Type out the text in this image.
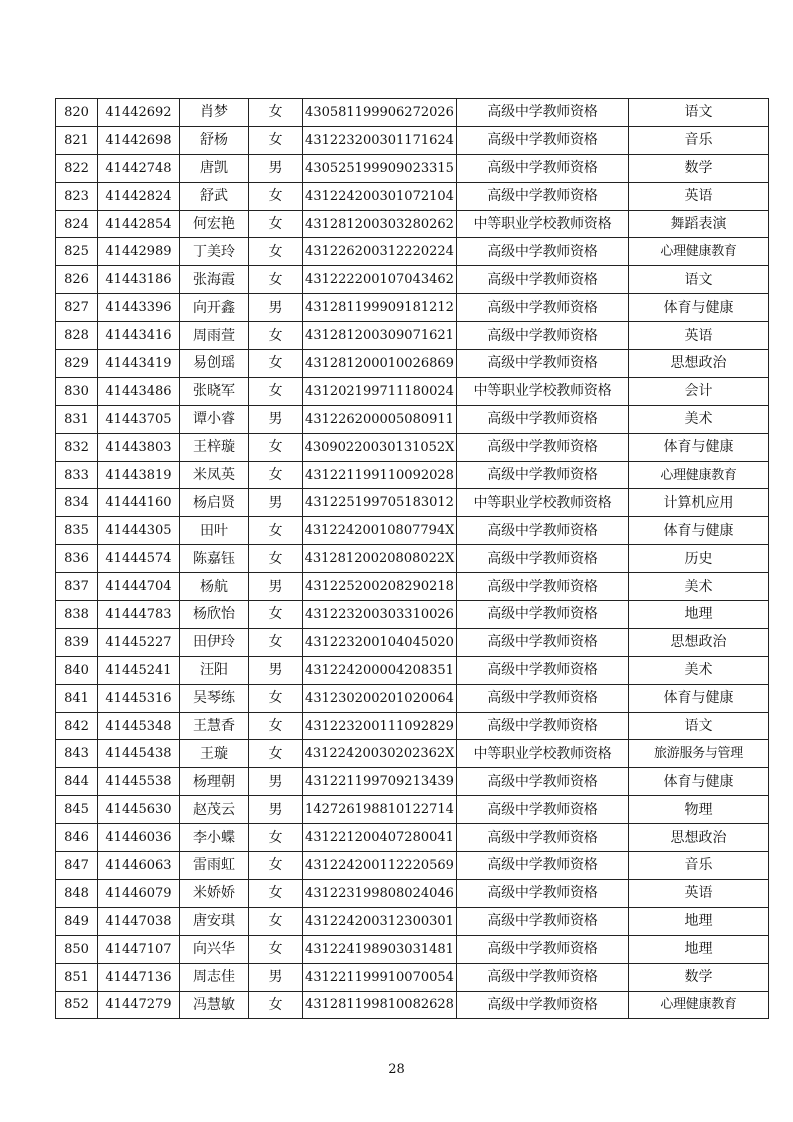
820	41442692	肖梦	女	430581199906272026	高级中学教师资格	语文
821	41442698	舒杨	女	431223200301171624	高级中学教师资格	音乐
822	41442748	唐凯	男	430525199909023315	高级中学教师资格	数学
823	41442824	舒武	女	431224200301072104	高级中学教师资格	英语
824	41442854	何宏艳	女	431281200303280262	中等职业学校教师资格	舞蹈表演
825	41442989	丁美玲	女	431226200312220224	高级中学教师资格	心理健康教育
826	41443186	张海霞	女	431222200107043462	高级中学教师资格	语文
827	41443396	向开鑫	男	431281199909181212	高级中学教师资格	体育与健康
828	41443416	周雨萱	女	431281200309071621	高级中学教师资格	英语
829	41443419	易创瑶	女	431281200010026869	高级中学教师资格	思想政治
830	41443486	张晓军	女	431202199711180024	中等职业学校教师资格	会计
831	41443705	谭小睿	男	431226200005080911	高级中学教师资格	美术
832	41443803	王梓璇	女	43090220030131052X	高级中学教师资格	体育与健康
833	41443819	米凤英	女	431221199110092028	高级中学教师资格	心理健康教育
834	41444160	杨启贤	男	431225199705183012	中等职业学校教师资格	计算机应用
835	41444305	田叶	女	43122420010807794X	高级中学教师资格	体育与健康
836	41444574	陈嘉钰	女	43128120020808022X	高级中学教师资格	历史
837	41444704	杨航	男	431225200208290218	高级中学教师资格	美术
838	41444783	杨欣怡	女	431223200303310026	高级中学教师资格	地理
839	41445227	田伊玲	女	431223200104045020	高级中学教师资格	思想政治
840	41445241	汪阳	男	431224200004208351	高级中学教师资格	美术
841	41445316	吴琴练	女	431230200201020064	高级中学教师资格	体育与健康
842	41445348	王慧香	女	431223200111092829	高级中学教师资格	语文
843	41445438	王璇	女	43122420030202362X	中等职业学校教师资格	旅游服务与管理
844	41445538	杨理朝	男	431221199709213439	高级中学教师资格	体育与健康
845	41445630	赵茂云	男	142726198810122714	高级中学教师资格	物理
846	41446036	李小蝶	女	431221200407280041	高级中学教师资格	思想政治
847	41446063	雷雨虹	女	431224200112220569	高级中学教师资格	音乐
848	41446079	米娇娇	女	431223199808024046	高级中学教师资格	英语
849	41447038	唐安琪	女	431224200312300301	高级中学教师资格	地理
850	41447107	向兴华	女	431224198903031481	高级中学教师资格	地理
851	41447136	周志佳	男	431221199910070054	高级中学教师资格	数学
852	41447279	冯慧敏	女	431281199810082628	高级中学教师资格	心理健康教育
28
